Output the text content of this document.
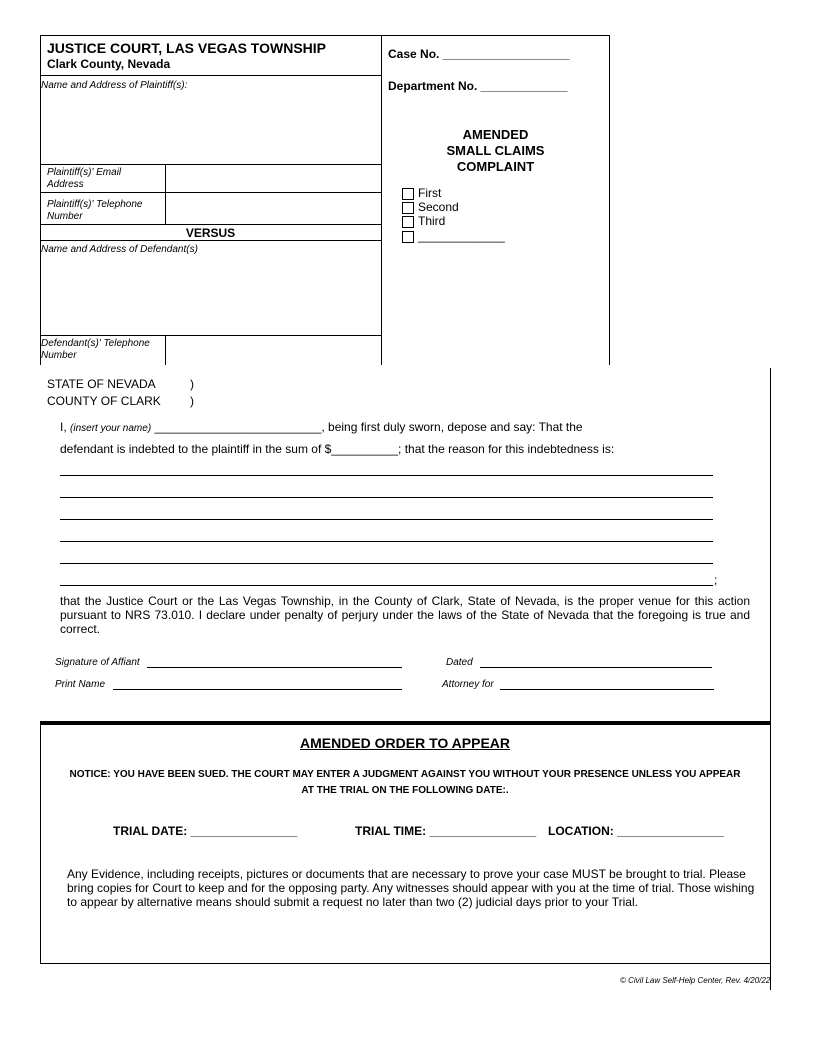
JUSTICE COURT, LAS VEGAS TOWNSHIP
Clark County, Nevada
Name and Address of Plaintiff(s):
Plaintiff(s)' Email Address
Plaintiff(s)' Telephone Number
VERSUS
Name and Address of Defendant(s)
Defendant(s)' Telephone Number
Case No. ___________________
Department No. _____________
AMENDED
SMALL CLAIMS
COMPLAINT
First
Second
Third
_____________
STATE OF NEVADA	)
COUNTY OF CLARK )
I, (insert your name) _________________________, being first duly sworn, depose and say: That the
defendant is indebted to the plaintiff in the sum of $__________; that the reason for this indebtedness is:
;
that the Justice Court or the Las Vegas Township, in the County of Clark, State of Nevada, is the proper venue for this action pursuant to NRS 73.010. I declare under penalty of perjury under the laws of the State of Nevada that the foregoing is true and correct.
Signature of Affiant	Dated
Print Name	Attorney for
AMENDED ORDER TO APPEAR
NOTICE: YOU HAVE BEEN SUED. THE COURT MAY ENTER A JUDGMENT AGAINST YOU WITHOUT YOUR PRESENCE UNLESS YOU APPEAR
AT THE TRIAL ON THE FOLLOWING DATE:.
TRIAL DATE: ________________	TRIAL TIME: ________________ LOCATION: ________________
Any Evidence, including receipts, pictures or documents that are necessary to prove your case MUST be brought to trial. Please bring copies for Court to keep and for the opposing party. Any witnesses should appear with you at the time of trial. Those wishing to appear by alternative means should submit a request no later than two (2) judicial days prior to your Trial.
© Civil Law Self-Help Center, Rev. 4/20/22
